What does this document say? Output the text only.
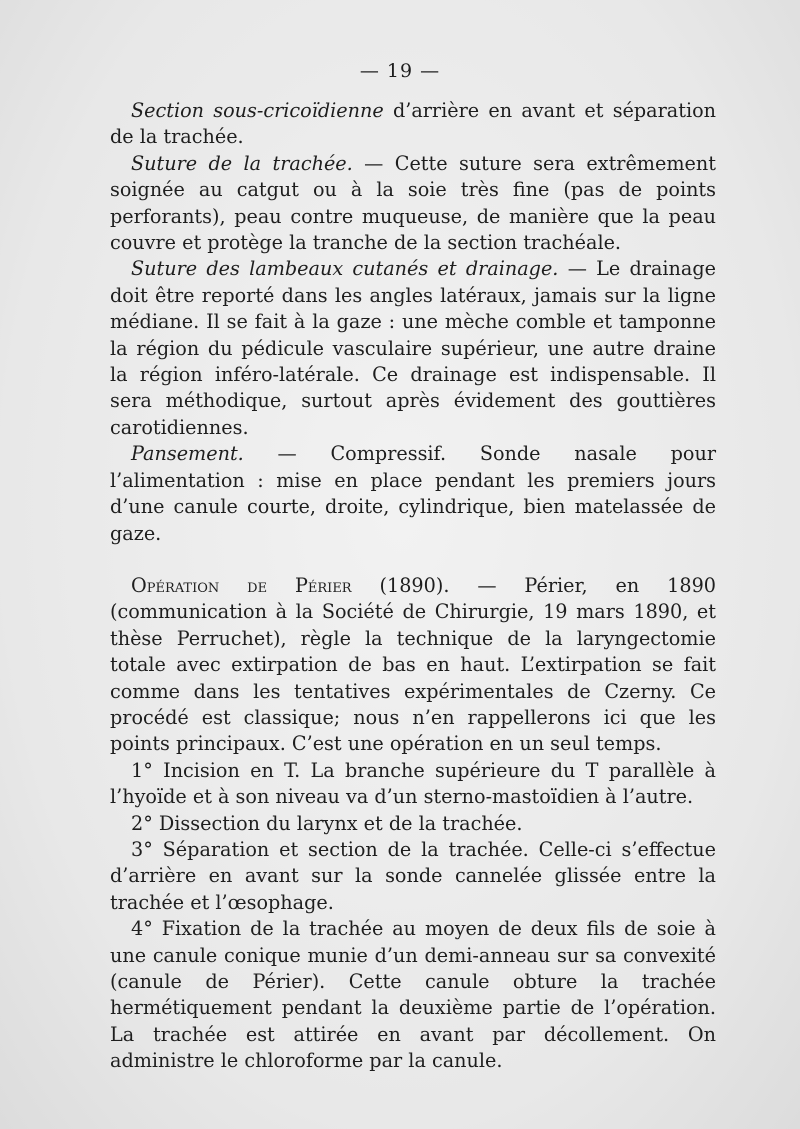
— 19 —

Section sous-cricoïdienne d’arrière en avant et séparation de la trachée.

Suture de la trachée. — Cette suture sera extrêmement soignée au catgut ou à la soie très fine (pas de points perforants), peau contre muqueuse, de manière que la peau couvre et protège la tranche de la section trachéale.

Suture des lambeaux cutanés et drainage. — Le drainage doit être reporté dans les angles latéraux, jamais sur la ligne médiane. Il se fait à la gaze : une mèche comble et tamponne la région du pédicule vasculaire supérieur, une autre draine la région inféro-latérale. Ce drainage est indispensable. Il sera méthodique, surtout après évidement des gouttières carotidiennes.

Pansement. — Compressif. Sonde nasale pour l’alimentation : mise en place pendant les premiers jours d’une canule courte, droite, cylindrique, bien matelassée de gaze.

Opération de Périer (1890). — Périer, en 1890 (communication à la Société de Chirurgie, 19 mars 1890, et thèse Perruchet), règle la technique de la laryngectomie totale avec extirpation de bas en haut. L’extirpation se fait comme dans les tentatives expérimentales de Czerny. Ce procédé est classique; nous n’en rappellerons ici que les points principaux. C’est une opération en un seul temps.

1° Incision en T. La branche supérieure du T parallèle à l’hyoïde et à son niveau va d’un sterno-mastoïdien à l’autre.

2° Dissection du larynx et de la trachée.

3° Séparation et section de la trachée. Celle-ci s’effectue d’arrière en avant sur la sonde cannelée glissée entre la trachée et l’œsophage.

4° Fixation de la trachée au moyen de deux fils de soie à une canule conique munie d’un demi-anneau sur sa convexité (canule de Périer). Cette canule obture la trachée hermétiquement pendant la deuxième partie de l’opération. La trachée est attirée en avant par décollement. On administre le chloroforme par la canule.
